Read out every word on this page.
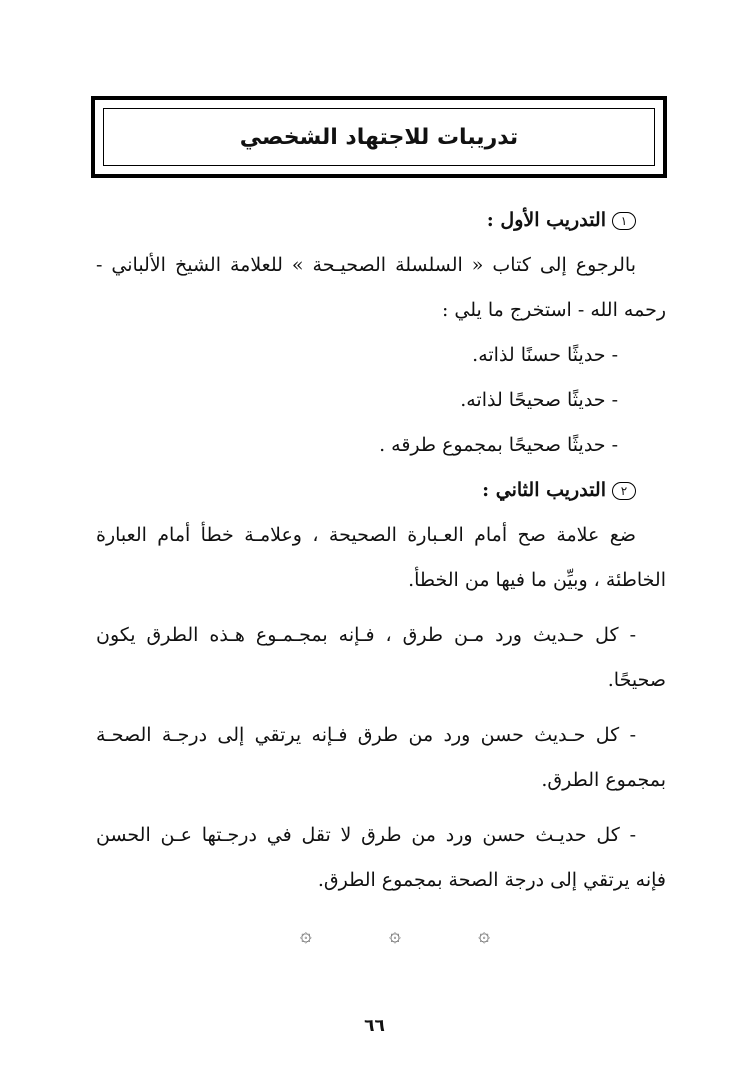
تدريبات للاجتهاد الشخصي
١
التدريب الأول :
بالرجوع إلى كتاب « السلسلة الصحيـحة » للعلامة الشيخ الألباني -
رحمه الله - استخرج ما يلي :
- حديثًا حسنًا لذاته.
- حديثًا صحيحًا لذاته.
- حديثًا صحيحًا بمجموع طرقه .
٢
التدريب الثاني :
ضع علامة صح أمام العـبارة الصحيحة ، وعلامـة خطأ أمام العبارة
الخاطئة ، وبيِّن ما فيها من الخطأ.
- كل حـديث ورد مـن طرق ، فـإنه بمجـمـوع هـذه الطرق يكون
صحيحًا.
- كل حـديث حسن ورد من طرق فـإنه يرتقي إلى درجـة الصحـة
بمجموع الطرق.
- كل حديـث حسن ورد من طرق لا تقل في درجـتها عـن الحسن
فإنه يرتقي إلى درجة الصحة بمجموع الطرق.
۞	۞	۞
٦٦
